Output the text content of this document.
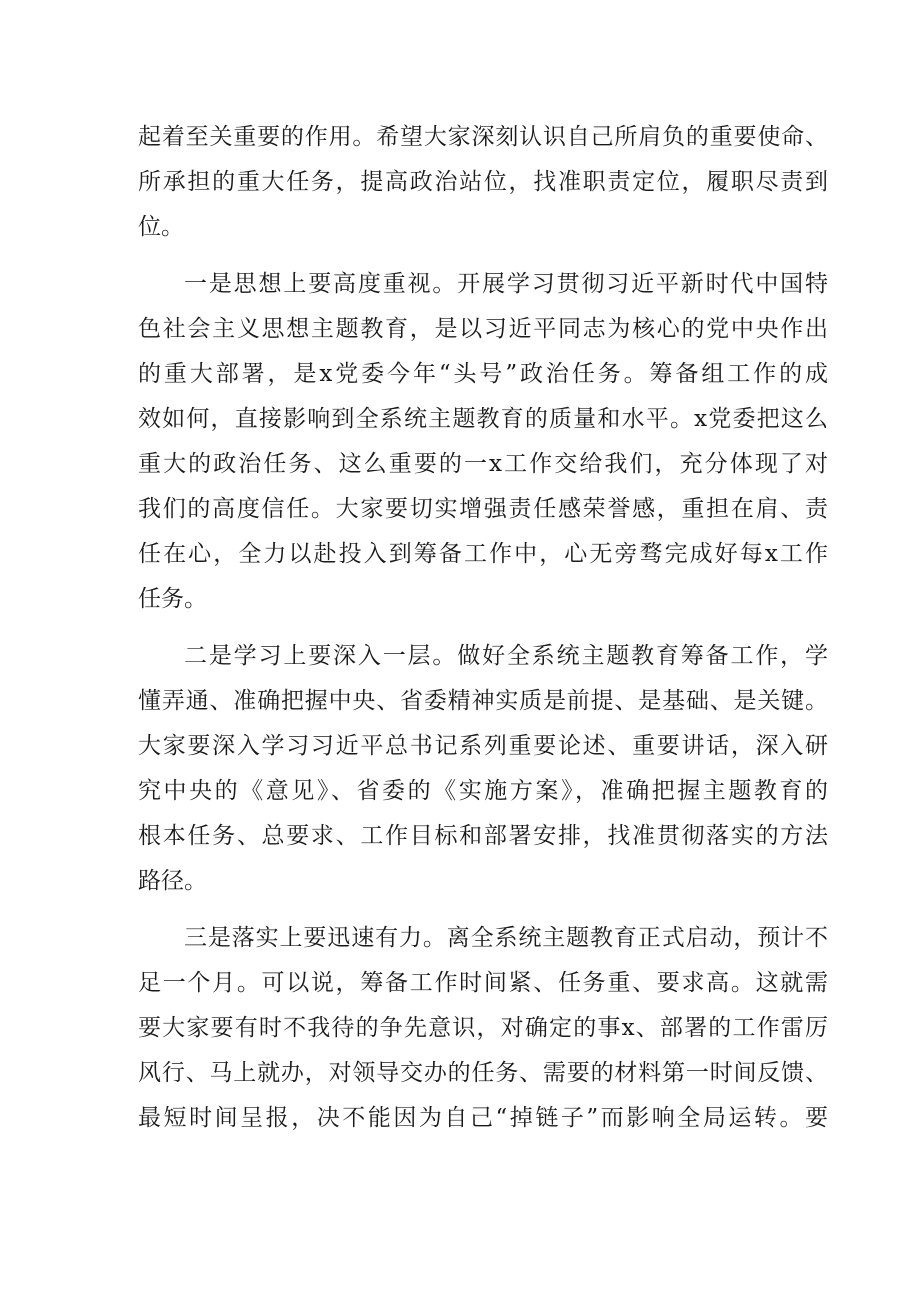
起着至关重要的作用。希望大家深刻认识自己所肩负的重要使命、
所承担的重大任务，提高政治站位，找准职责定位，履职尽责到
位。
一是思想上要高度重视。开展学习贯彻习近平新时代中国特
色社会主义思想主题教育，是以习近平同志为核心的党中央作出
的重大部署，是x党委今年“头号”政治任务。筹备组工作的成
效如何，直接影响到全系统主题教育的质量和水平。x党委把这么
重大的政治任务、这么重要的一x工作交给我们，充分体现了对
我们的高度信任。大家要切实增强责任感荣誉感，重担在肩、责
任在心，全力以赴投入到筹备工作中，心无旁骛完成好每x工作
任务。
二是学习上要深入一层。做好全系统主题教育筹备工作，学
懂弄通、准确把握中央、省委精神实质是前提、是基础、是关键。
大家要深入学习习近平总书记系列重要论述、重要讲话，深入研
究中央的《意见》、省委的《实施方案》，准确把握主题教育的
根本任务、总要求、工作目标和部署安排，找准贯彻落实的方法
路径。
三是落实上要迅速有力。离全系统主题教育正式启动，预计不
足一个月。可以说，筹备工作时间紧、任务重、要求高。这就需
要大家要有时不我待的争先意识，对确定的事x、部署的工作雷厉
风行、马上就办，对领导交办的任务、需要的材料第一时间反馈、
最短时间呈报，决不能因为自己“掉链子”而影响全局运转。要
